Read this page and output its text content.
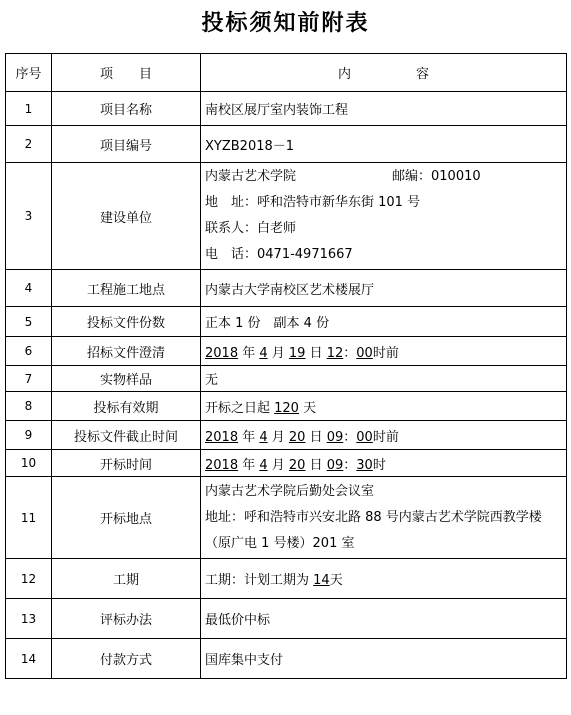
投标须知前附表
序号	项　　目	内　　　　　容
1	项目名称	南校区展厅室内装饰工程
2	项目编号	XYZB2018－1
3	建设单位	内蒙古艺术学院 邮编：010010
地　址：呼和浩特市新华东街 101 号
联系人：白老师
电　话：0471-4971667

4	工程施工地点	内蒙古大学南校区艺术楼展厅
5	投标文件份数	正本 1 份　副本 4 份
6	招标文件澄清	2018 年 4 月 19 日 12：00时前
7	实物样品	无
8	投标有效期	开标之日起 120 天
9	投标文件截止时间	2018 年 4 月 20 日 09：00时前
10	开标时间	2018 年 4 月 20 日 09：30时
11	开标地点	内蒙古艺术学院后勤处会议室
地址：呼和浩特市兴安北路 88 号内蒙古艺术学院西教学楼
（原广电 1 号楼）201 室

12	工期	工期：计划工期为 14天
13	评标办法	最低价中标
14	付款方式	国库集中支付
